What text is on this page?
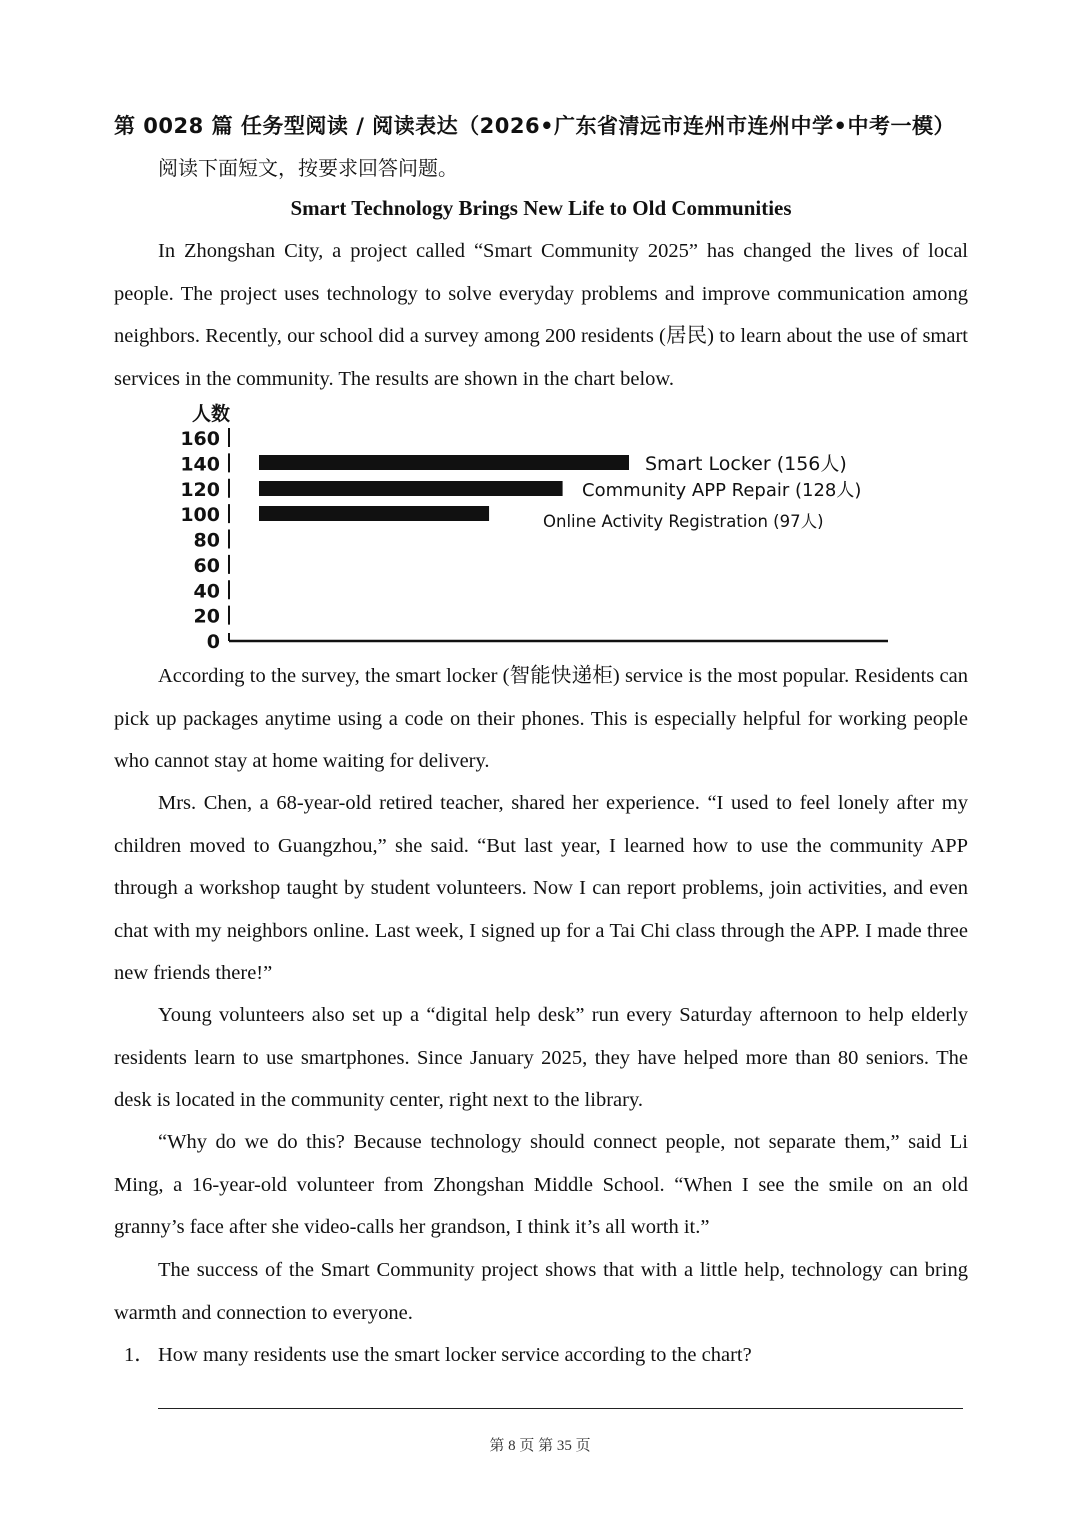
第 0028 篇 任务型阅读 / 阅读表达（2026•广东省清远市连州市连州中学•中考一模）
阅读下面短文，按要求回答问题。
Smart Technology Brings New Life to Old Communities

In Zhongshan City, a project called “Smart Community 2025” has changed the lives of local people. The project uses technology to solve everyday problems and improve communication among neighbors. Recently, our school did a survey among 200 residents (居民) to learn about the use of smart services in the community. The results are shown in the chart below.

人数
0
20
40
60
80
100
120
140
160
Smart Locker (156人)
Community APP Repair (128人)
Online Activity Registration (97人)

According to the survey, the smart locker (智能快递柜) service is the most popular. Residents can pick up packages anytime using a code on their phones. This is especially helpful for working people who cannot stay at home waiting for delivery.

Mrs. Chen, a 68-year-old retired teacher, shared her experience. “I used to feel lonely after my children moved to Guangzhou,” she said. “But last year, I learned how to use the community APP through a workshop taught by student volunteers. Now I can report problems, join activities, and even chat with my neighbors online. Last week, I signed up for a Tai Chi class through the APP. I made three new friends there!”

Young volunteers also set up a “digital help desk” run every Saturday afternoon to help elderly residents learn to use smartphones. Since January 2025, they have helped more than 80 seniors. The desk is located in the community center, right next to the library.

“Why do we do this? Because technology should connect people, not separate them,” said Li Ming, a 16-year-old volunteer from Zhongshan Middle School. “When I see the smile on an old granny’s face after she video-calls her grandson, I think it’s all worth it.”

The success of the Smart Community project shows that with a little help, technology can bring warmth and connection to everyone.

1． How many residents use the smart locker service according to the chart?
第 8 页 第 35 页
